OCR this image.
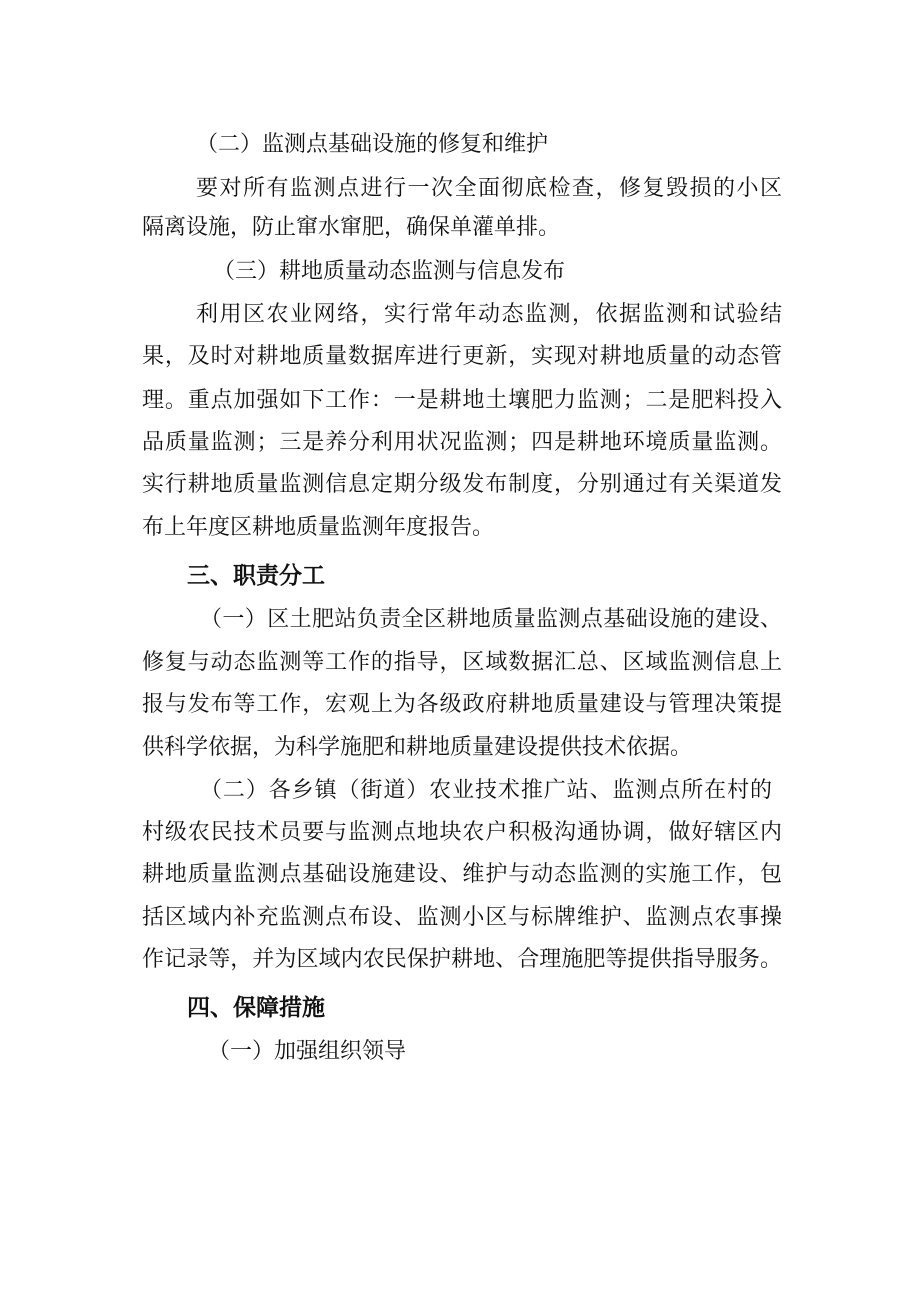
（二）监测点基础设施的修复和维护
要对所有监测点进行一次全面彻底检查，修复毁损的小区
隔离设施，防止窜水窜肥，确保单灌单排。
（三）耕地质量动态监测与信息发布
利用区农业网络，实行常年动态监测，依据监测和试验结
果，及时对耕地质量数据库进行更新，实现对耕地质量的动态管
理。重点加强如下工作：一是耕地土壤肥力监测；二是肥料投入
品质量监测；三是养分利用状况监测；四是耕地环境质量监测。
实行耕地质量监测信息定期分级发布制度，分别通过有关渠道发
布上年度区耕地质量监测年度报告。
三、职责分工
（一）区土肥站负责全区耕地质量监测点基础设施的建设、
修复与动态监测等工作的指导，区域数据汇总、区域监测信息上
报与发布等工作，宏观上为各级政府耕地质量建设与管理决策提
供科学依据，为科学施肥和耕地质量建设提供技术依据。
（二）各乡镇（街道）农业技术推广站、监测点所在村的
村级农民技术员要与监测点地块农户积极沟通协调，做好辖区内
耕地质量监测点基础设施建设、维护与动态监测的实施工作，包
括区域内补充监测点布设、监测小区与标牌维护、监测点农事操
作记录等，并为区域内农民保护耕地、合理施肥等提供指导服务。
四、保障措施
（一）加强组织领导
